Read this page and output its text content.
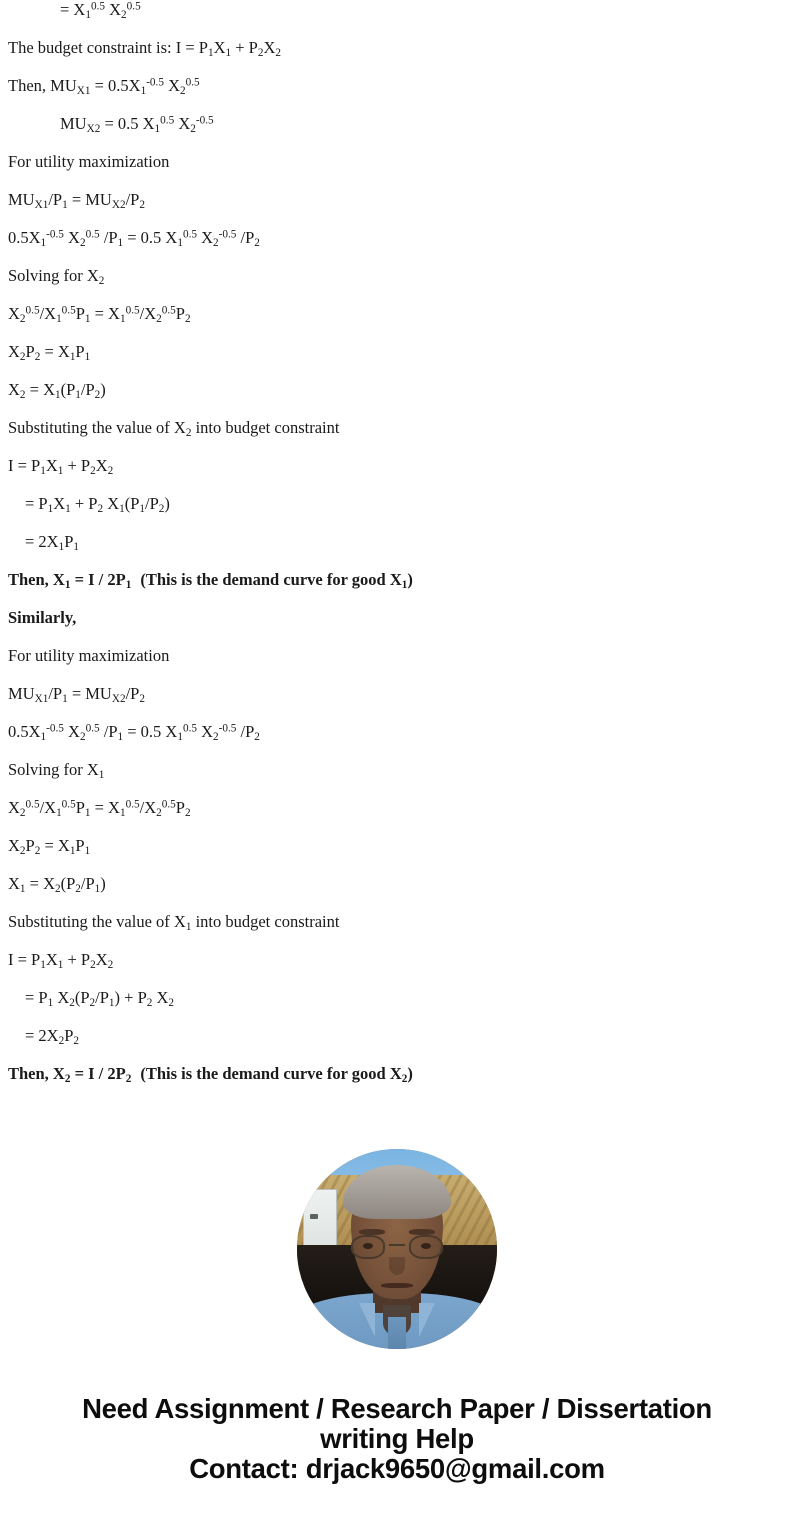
= $X_1^{0.5}$ $X_2^{0.5}$
The budget constraint is: $I = P_1X_1 + P_2X_2$
Then, $MU_{X1} = 0.5X_1^{-0.5}$ $X_2^{0.5}$
$MU_{X2} = 0.5$ $X_1^{0.5}$ $X_2^{-0.5}$
For utility maximization
$MU_{X1}/P_1 = MU_{X2}/P_2$
$0.5X_1^{-0.5}$ $X_2^{0.5}$ $/P_1 = 0.5$ $X_1^{0.5}$ $X_2^{-0.5}$ $/P_2$
Solving for $X_2$
$X_2^{0.5}/X_1^{0.5}P_1 = X_1^{0.5}/X_2^{0.5}P_2$
$X_2P_2 = X_1P_1$
$X_2 = X_1(P_1/P_2)$
Substituting the value of $X_2$ into budget constraint
$I = P_1X_1 + P_2X_2$
= $P_1X_1 + P_2$ $X_1(P_1/P_2)$
= $2X_1P_1$
Then, $X_1 = I / 2P_1$ (This is the demand curve for good $X_1$)
Similarly,
For utility maximization
$MU_{X1}/P_1 = MU_{X2}/P_2$
$0.5X_1^{-0.5}$ $X_2^{0.5}$ $/P_1 = 0.5$ $X_1^{0.5}$ $X_2^{-0.5}$ $/P_2$
Solving for $X_1$
$X_2^{0.5}/X_1^{0.5}P_1 = X_1^{0.5}/X_2^{0.5}P_2$
$X_2P_2 = X_1P_1$
$X_1 = X_2(P_2/P_1)$
Substituting the value of $X_1$ into budget constraint
$I = P_1X_1 + P_2X_2$
= $P_1$ $X_2(P_2/P_1) + P_2$ $X_2$
= $2X_2P_2$
Then, $X_2 = I / 2P_2$ (This is the demand curve for good $X_2$)
Need Assignment / Research Paper / Dissertation
writing Help
Contact: drjack9650@gmail.com
